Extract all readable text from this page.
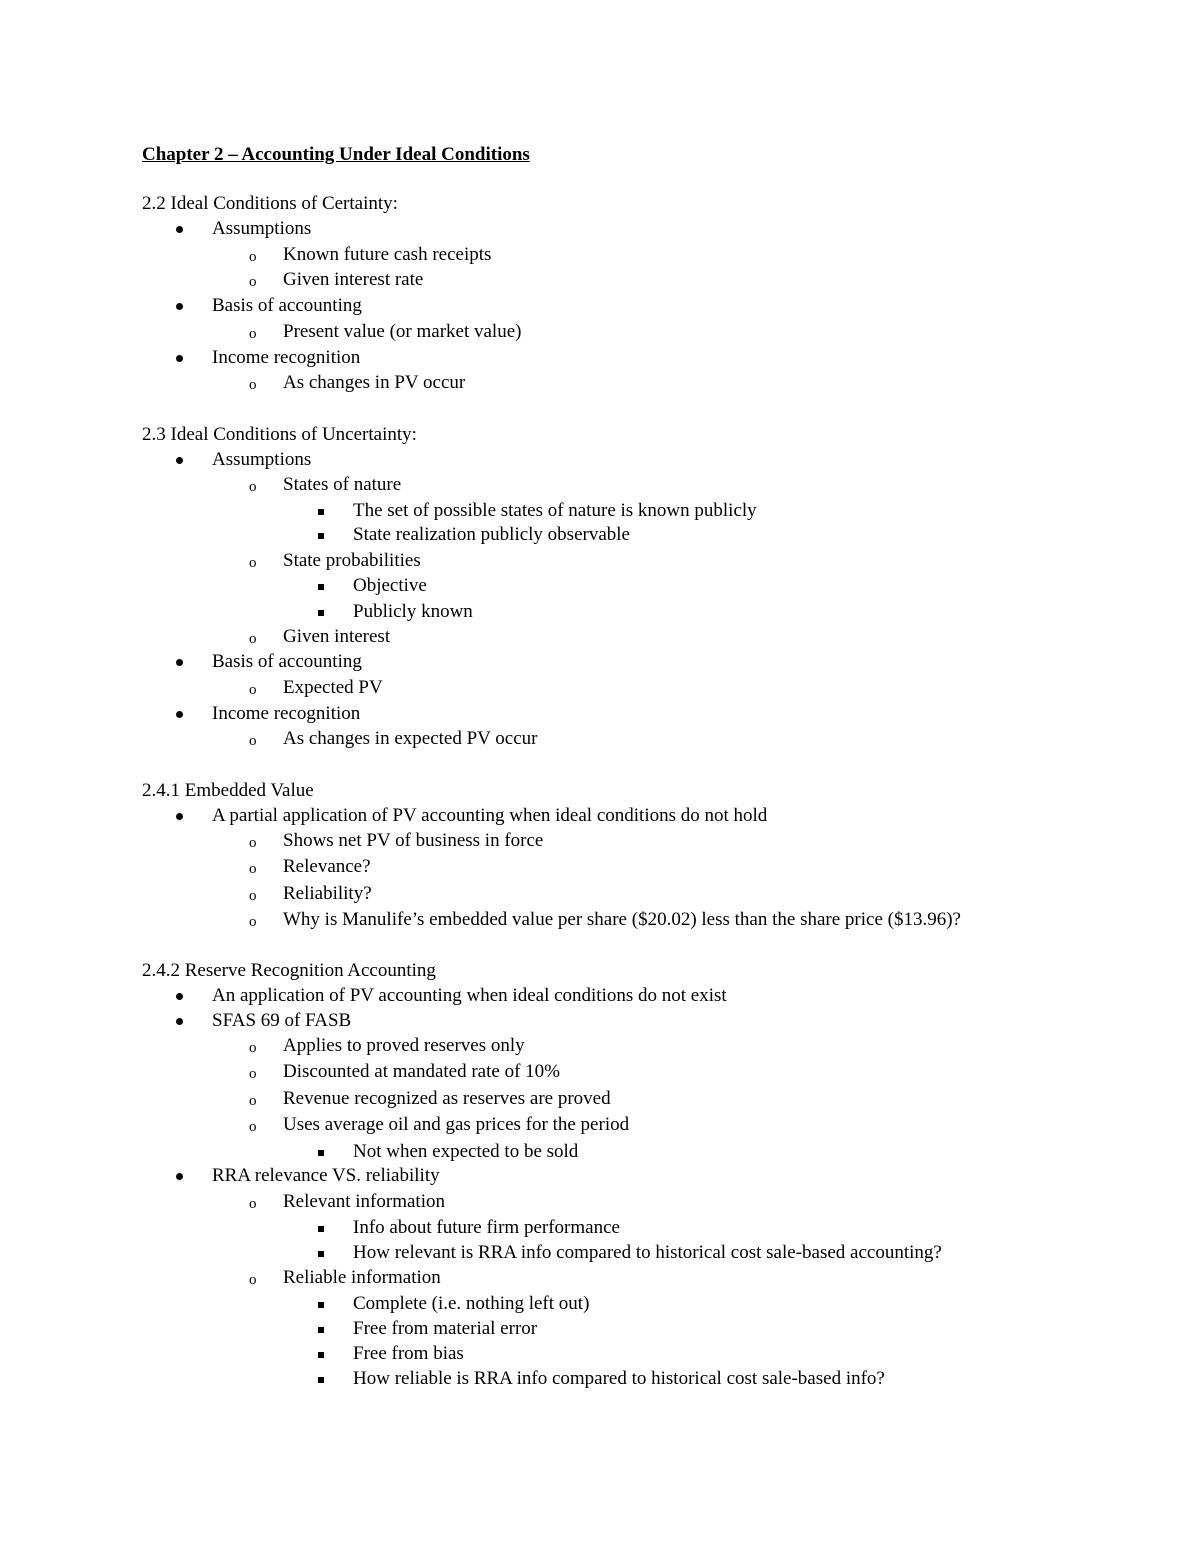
Chapter 2 – Accounting Under Ideal Conditions
2.2 Ideal Conditions of Certainty:
Assumptions
o Known future cash receipts
o Given interest rate
Basis of accounting
o Present value (or market value)
Income recognition
o As changes in PV occur
2.3 Ideal Conditions of Uncertainty:
Assumptions
o States of nature
The set of possible states of nature is known publicly
State realization publicly observable
o State probabilities
Objective
Publicly known
o Given interest
Basis of accounting
o Expected PV
Income recognition
o As changes in expected PV occur
2.4.1 Embedded Value
A partial application of PV accounting when ideal conditions do not hold
o Shows net PV of business in force
o Relevance?
o Reliability?
o Why is Manulife’s embedded value per share ($20.02) less than the share price ($13.96)?
2.4.2 Reserve Recognition Accounting
An application of PV accounting when ideal conditions do not exist
SFAS 69 of FASB
o Applies to proved reserves only
o Discounted at mandated rate of 10%
o Revenue recognized as reserves are proved
o Uses average oil and gas prices for the period
Not when expected to be sold
RRA relevance VS. reliability
o Relevant information
Info about future firm performance
How relevant is RRA info compared to historical cost sale-based accounting?
o Reliable information
Complete (i.e. nothing left out)
Free from material error
Free from bias
How reliable is RRA info compared to historical cost sale-based info?
